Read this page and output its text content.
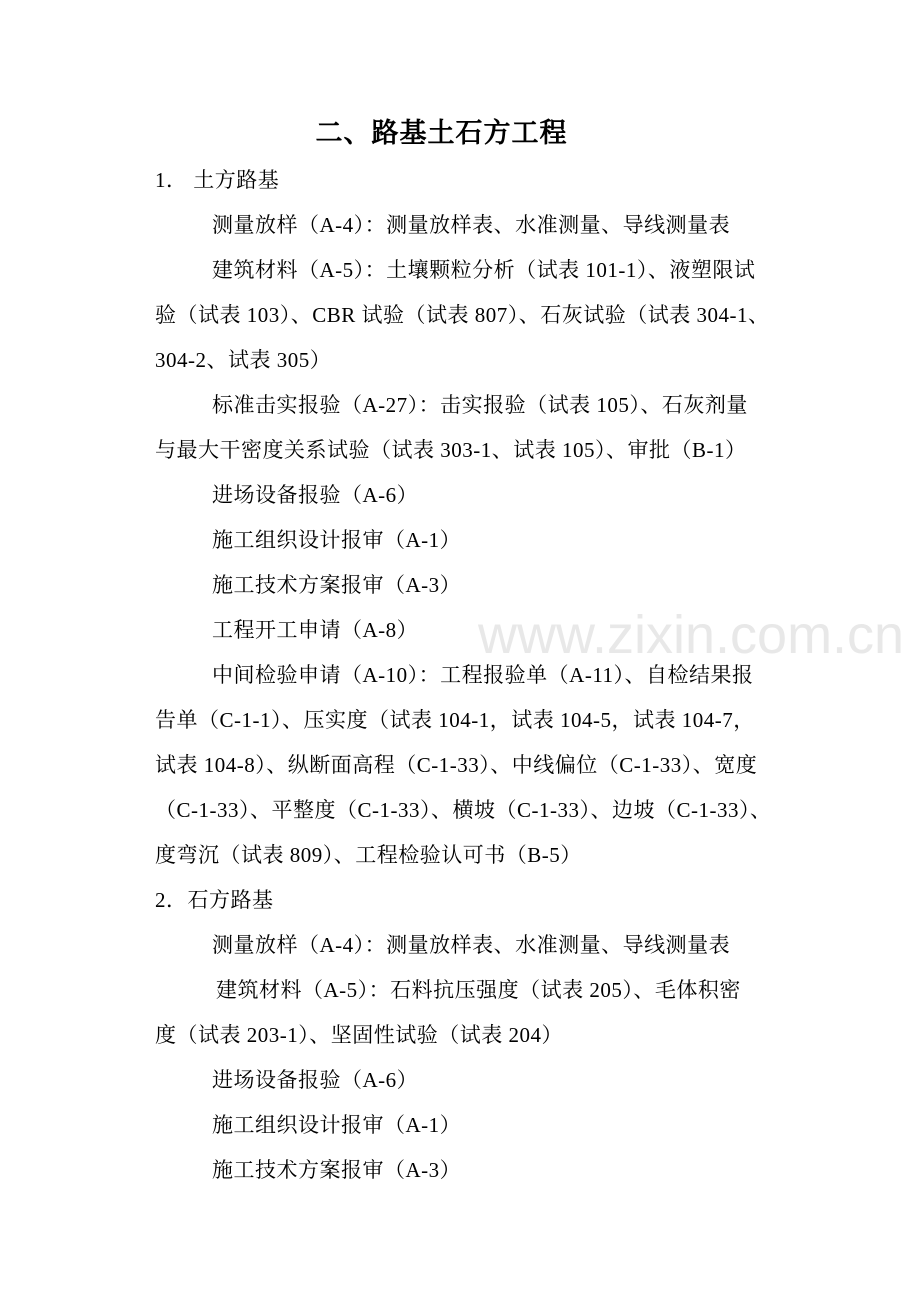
www.zixin.com.cn
二、路基土石方工程
1． 土方路基
测量放样（A-4）：测量放样表、水准测量、导线测量表
建筑材料（A-5）：土壤颗粒分析（试表 101-1）、液塑限试
验（试表 103）、CBR 试验（试表 807）、石灰试验（试表 304-1、
304-2、试表 305）
标准击实报验（A-27）：击实报验（试表 105）、石灰剂量
与最大干密度关系试验（试表 303-1、试表 105）、审批（B-1）
进场设备报验（A-6）
施工组织设计报审（A-1）
施工技术方案报审（A-3）
工程开工申请（A-8）
中间检验申请（A-10）：工程报验单（A-11）、自检结果报
告单（C-1-1）、压实度（试表 104-1，试表 104-5，试表 104-7，
试表 104-8）、纵断面高程（C-1-33）、中线偏位（C-1-33）、宽度
（C-1-33）、平整度（C-1-33）、横坡（C-1-33）、边坡（C-1-33）、
度弯沉（试表 809）、工程检验认可书（B-5）
2．石方路基
测量放样（A-4）：测量放样表、水准测量、导线测量表
建筑材料（A-5）：石料抗压强度（试表 205）、毛体积密
度（试表 203-1）、坚固性试验（试表 204）
进场设备报验（A-6）
施工组织设计报审（A-1）
施工技术方案报审（A-3）
